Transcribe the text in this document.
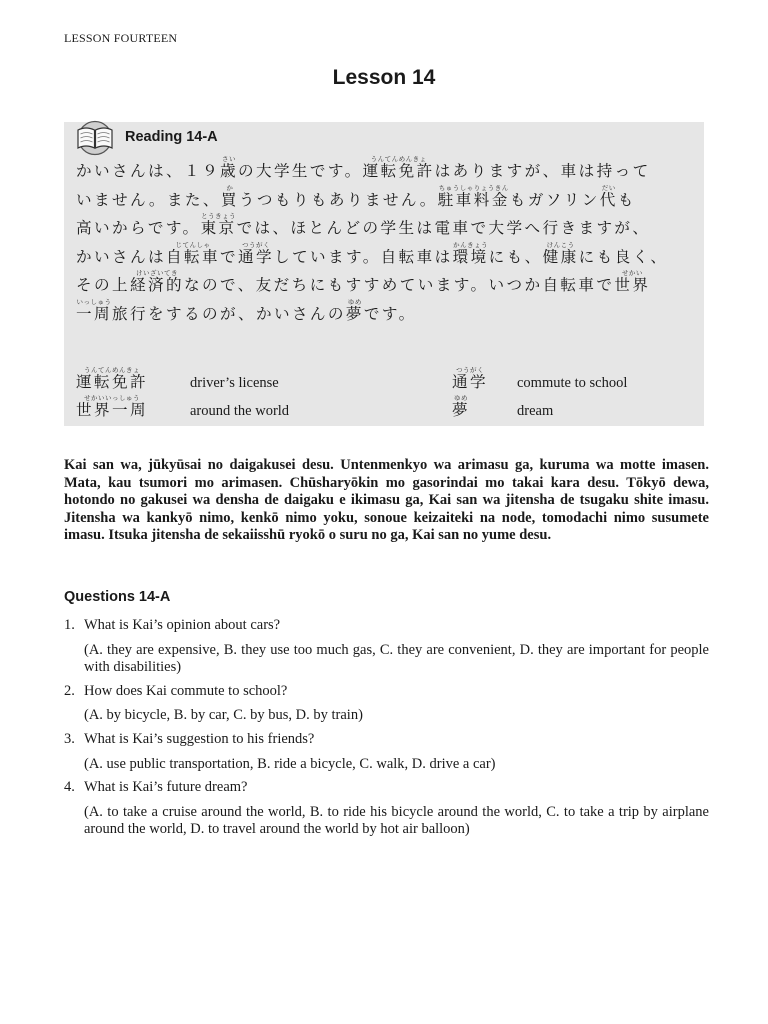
LESSON FOURTEEN
Lesson 14
Reading 14-A
かいさんは、１９歳さいの大学生です。運転免許うんてんめんきょはありますが、車は持って
いません。また、買かうつもりもありません。駐車料金ちゅうしゃりょうきんもガソリン代だいも
高いからです。東京とうきょうでは、ほとんどの学生は電車で大学へ行きますが、
かいさんは自転車じてんしゃで通学つうがくしています。自転車は環境かんきょうにも、健康けんこうにも良く、
その上経済的けいざいてきなので、友だちにもすすめています。いつか自転車で世界せかい
一周いっしゅう旅行をするのが、かいさんの夢ゆめです。
運転免許うんてんめんきょ
driver’s license	通学つうがく
commute to school
世界一周せかいいっしゅう
around the world	夢ゆめ
dream

Kai san wa, jūkyūsai no daigakusei desu. Untenmenkyo wa arimasu ga, kuruma wa motte imasen. Mata, kau tsumori mo arimasen. Chūsharyōkin mo gasorindai mo takai kara desu. Tōkyō dewa, hotondo no gakusei wa densha de daigaku e ikimasu ga, Kai san wa jitensha de tsugaku shite imasu. Jitensha wa kankyō nimo, kenkō nimo yoku, sonoue keizaiteki na node, tomodachi nimo susumete imasu. Itsuka jitensha de sekaiisshū ryokō o suru no ga, Kai san no yume desu.

Questions 14-A
1. What is Kai’s opinion about cars?
(A. they are expensive, B. they use too much gas, C. they are convenient, D. they are important for people with disabilities)
2. How does Kai commute to school?
(A. by bicycle, B. by car, C. by bus, D. by train)
3. What is Kai’s suggestion to his friends?
(A. use public transportation, B. ride a bicycle, C. walk, D. drive a car)
4. What is Kai’s future dream?
(A. to take a cruise around the world, B. to ride his bicycle around the world, C. to take a trip by airplane around the world, D. to travel around the world by hot air balloon)
